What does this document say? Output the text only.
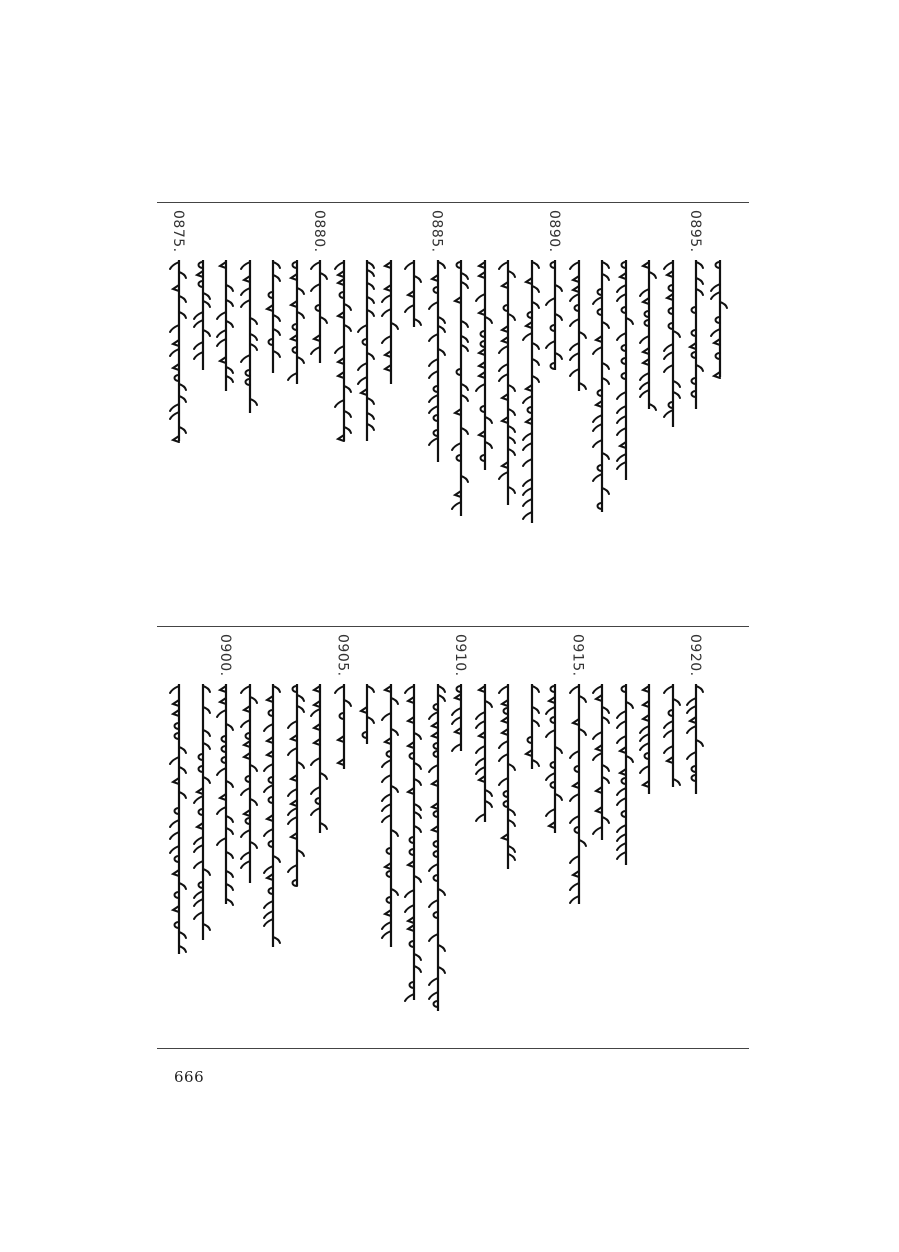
0875.	0880.	0885.	0890.	0895.
0900.	0905.	0910.	0915.	0920.
666
